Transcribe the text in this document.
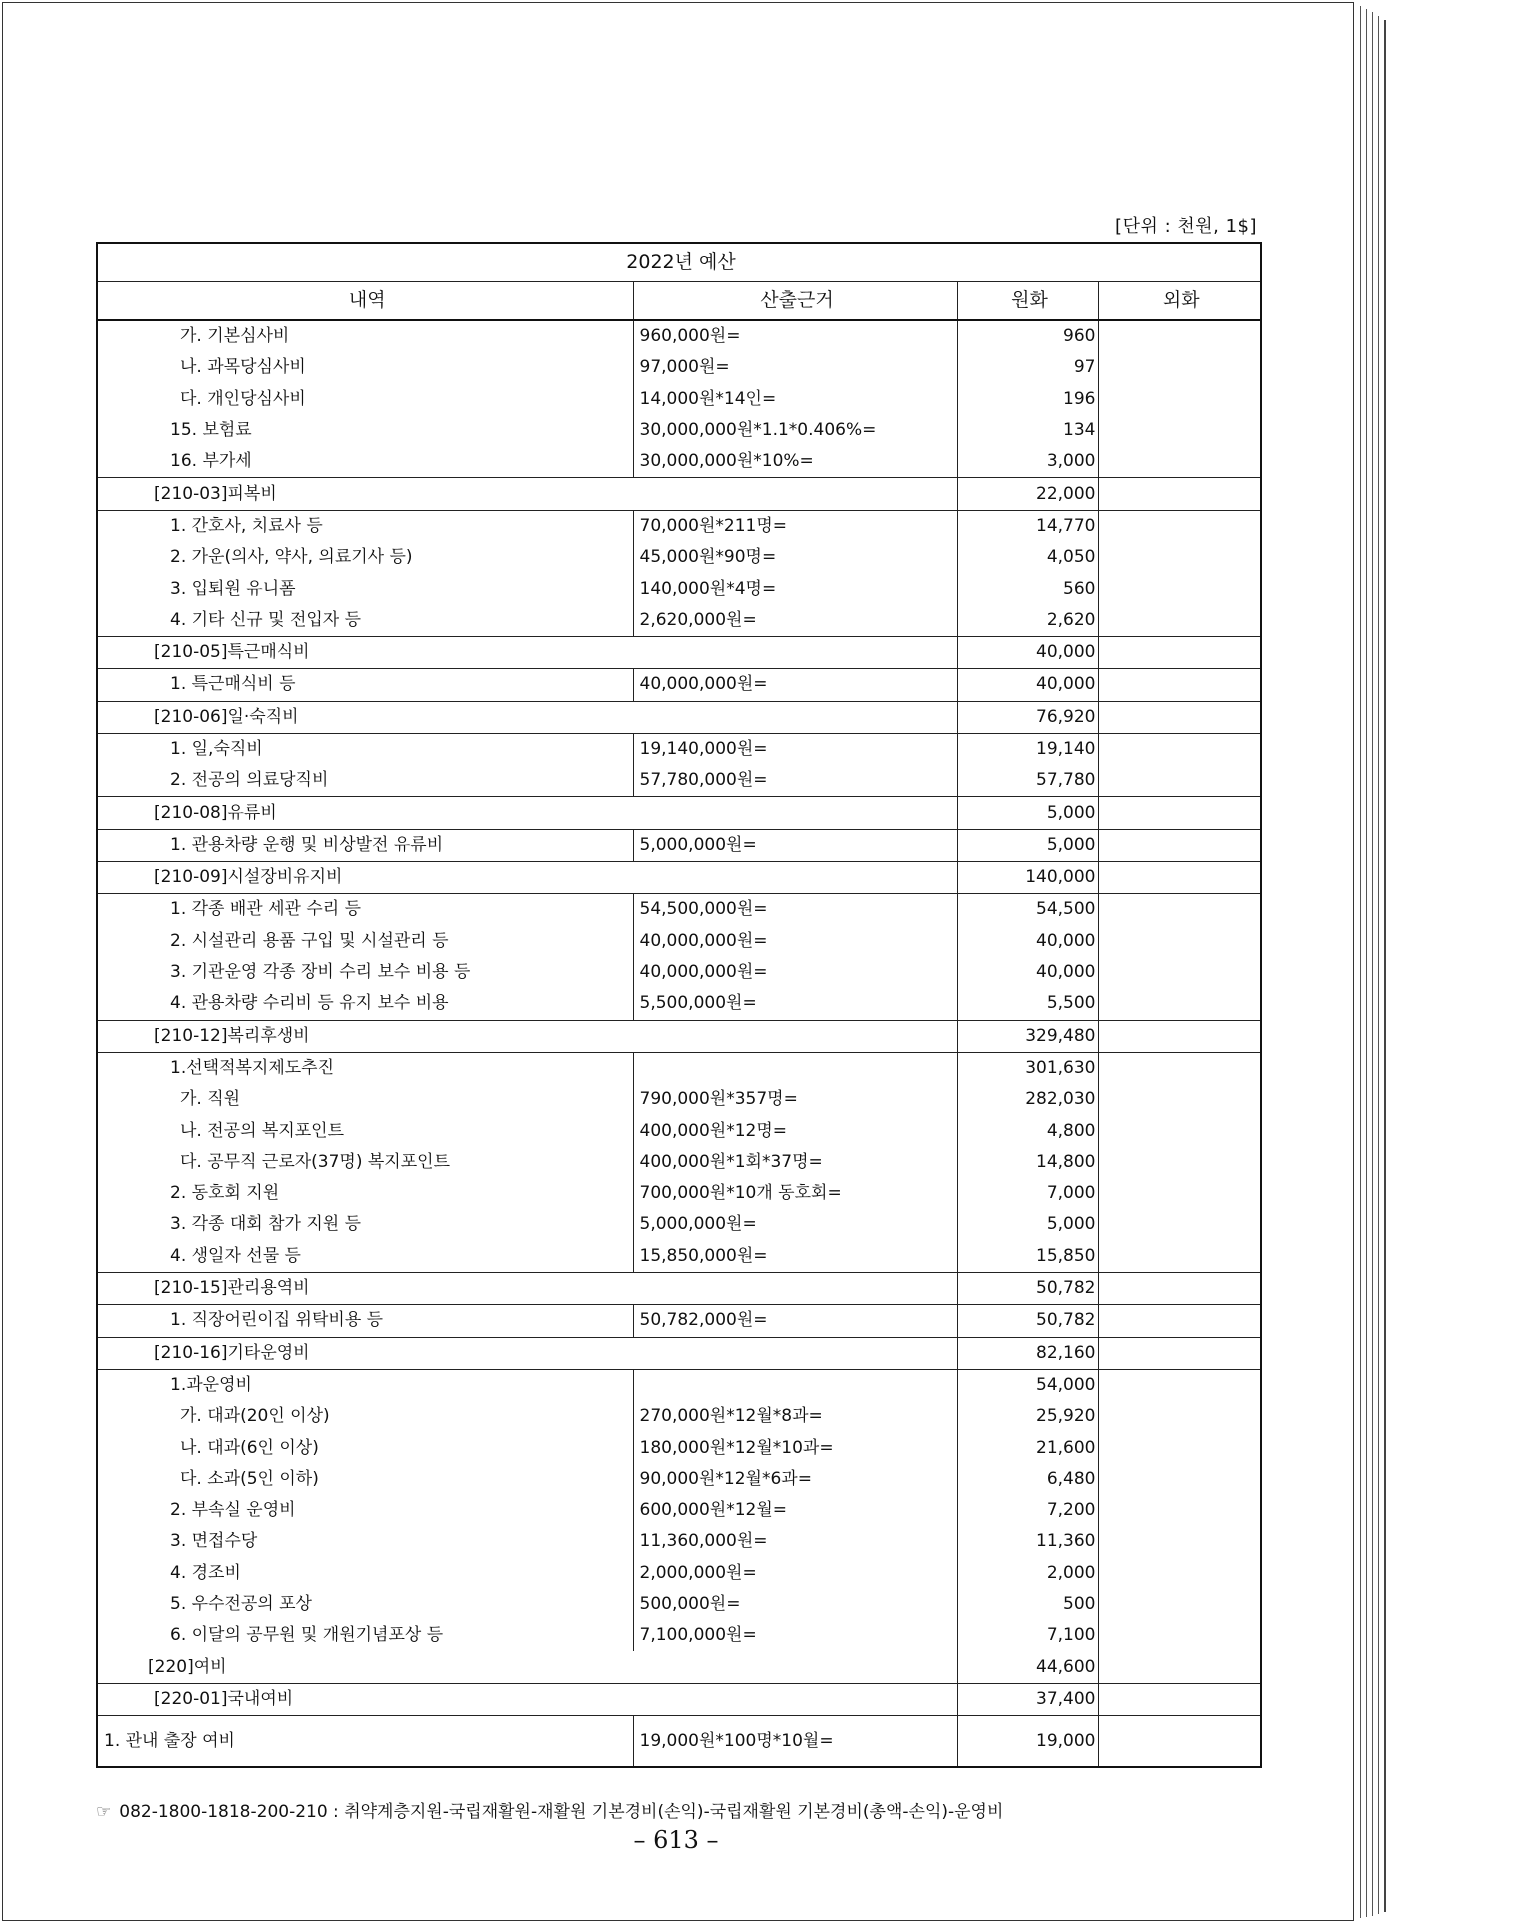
[단위 : 천원, 1$]
2022년 예산			
내역	산출근거	원화	외화
가. 기본심사비	960,000원=	960	
나. 과목당심사비	97,000원=	97	
다. 개인당심사비	14,000원*14인=	196	
15. 보험료	30,000,000원*1.1*0.406%=	134	
16. 부가세	30,000,000원*10%=	3,000	
[210-03]피복비		22,000	
1. 간호사, 치료사 등	70,000원*211명=	14,770	
2. 가운(의사, 약사, 의료기사 등)	45,000원*90명=	4,050	
3. 입퇴원 유니폼	140,000원*4명=	560	
4. 기타 신규 및 전입자 등	2,620,000원=	2,620	
[210-05]특근매식비		40,000	
1. 특근매식비 등	40,000,000원=	40,000	
[210-06]일·숙직비		76,920	
1. 일,숙직비	19,140,000원=	19,140	
2. 전공의 의료당직비	57,780,000원=	57,780	
[210-08]유류비		5,000	
1. 관용차량 운행 및 비상발전 유류비	5,000,000원=	5,000	
[210-09]시설장비유지비		140,000	
1. 각종 배관 세관 수리 등	54,500,000원=	54,500	
2. 시설관리 용품 구입 및 시설관리 등	40,000,000원=	40,000	
3. 기관운영 각종 장비 수리 보수 비용 등	40,000,000원=	40,000	
4. 관용차량 수리비 등 유지 보수 비용	5,500,000원=	5,500	
[210-12]복리후생비		329,480	
1.선택적복지제도추진		301,630	
가. 직원	790,000원*357명=	282,030	
나. 전공의 복지포인트	400,000원*12명=	4,800	
다. 공무직 근로자(37명) 복지포인트	400,000원*1회*37명=	14,800	
2. 동호회 지원	700,000원*10개 동호회=	7,000	
3. 각종 대회 참가 지원 등	5,000,000원=	5,000	
4. 생일자 선물 등	15,850,000원=	15,850	
[210-15]관리용역비		50,782	
1. 직장어린이집 위탁비용 등	50,782,000원=	50,782	
[210-16]기타운영비		82,160	
1.과운영비		54,000	
가. 대과(20인 이상)	270,000원*12월*8과=	25,920	
나. 대과(6인 이상)	180,000원*12월*10과=	21,600	
다. 소과(5인 이하)	90,000원*12월*6과=	6,480	
2. 부속실 운영비	600,000원*12월=	7,200	
3. 면접수당	11,360,000원=	11,360	
4. 경조비	2,000,000원=	2,000	
5. 우수전공의 포상	500,000원=	500	
6. 이달의 공무원 및 개원기념포상 등	7,100,000원=	7,100	
[220]여비		44,600	
[220-01]국내여비		37,400	
1. 관내 출장 여비	19,000원*100명*10월=	19,000	
☞ 082-1800-1818-200-210 : 취약계층지원-국립재활원-재활원 기본경비(손익)-국립재활원 기본경비(총액-손익)-운영비
– 613 –
